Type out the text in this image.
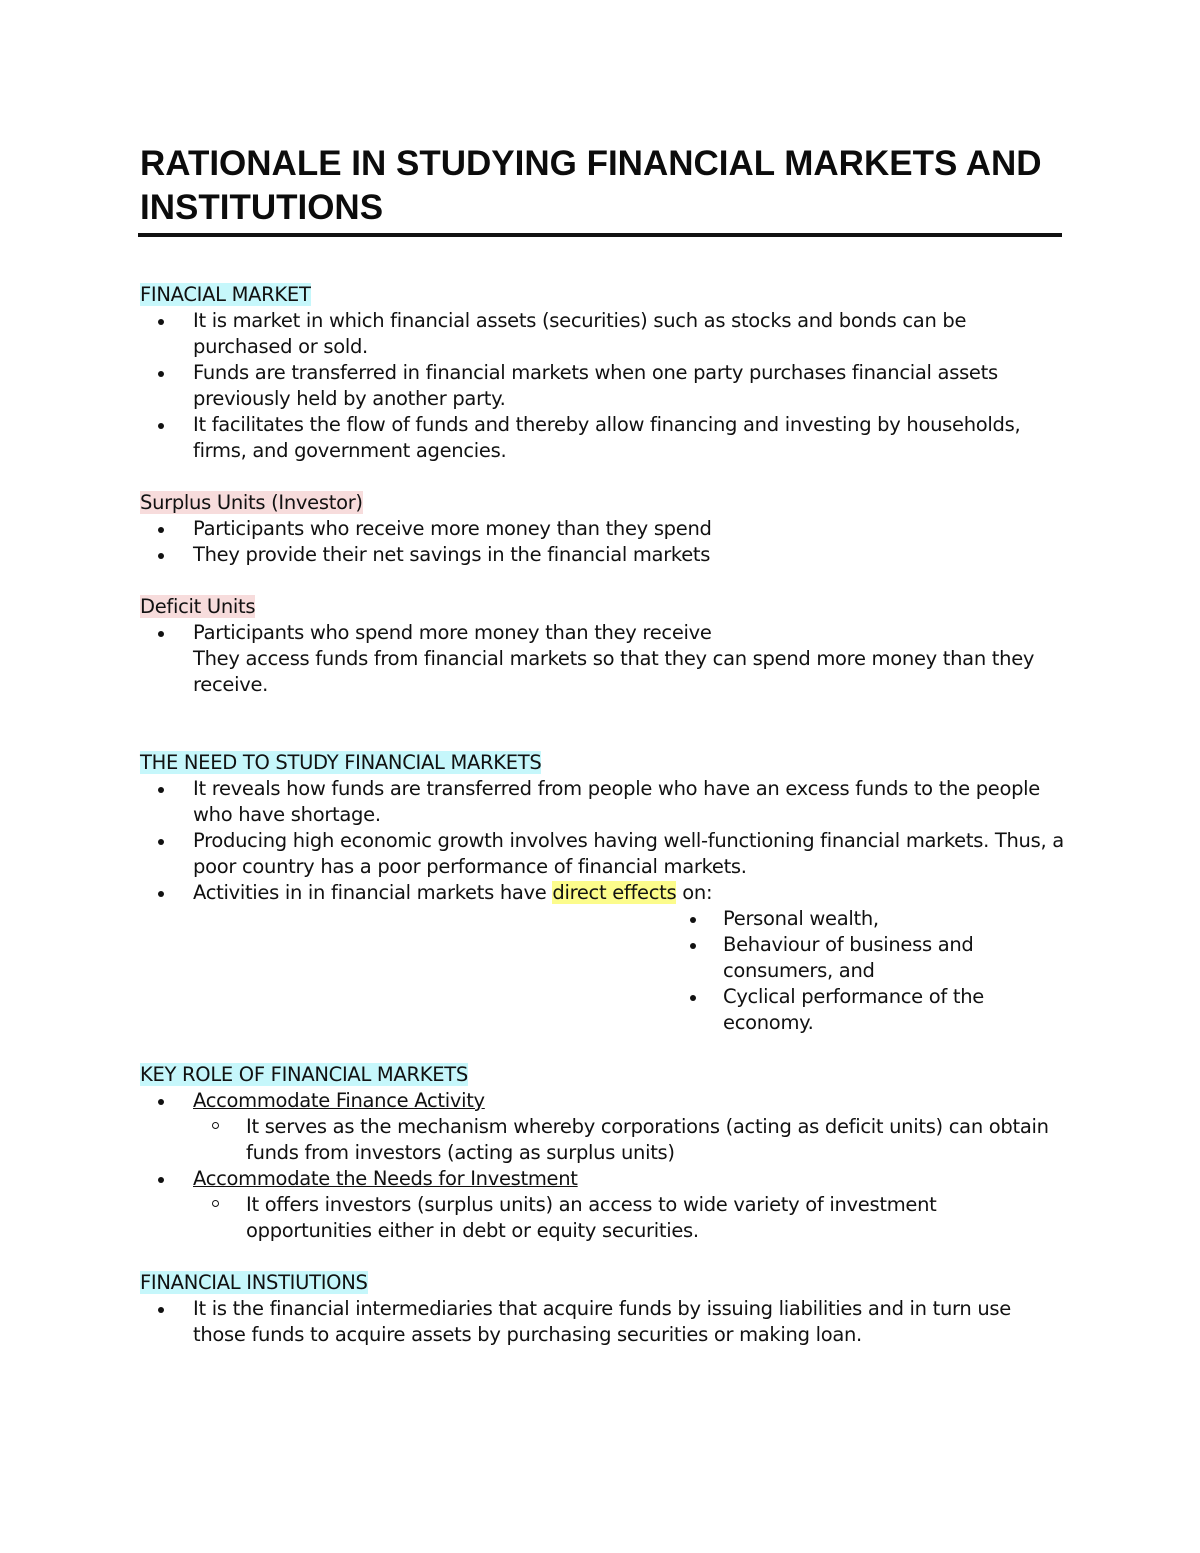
RATIONALE IN STUDYING FINANCIAL MARKETS AND INSTITUTIONS

FINACIAL MARKET

It is market in which financial assets (securities) such as stocks and bonds can be purchased or sold.
Funds are transferred in financial markets when one party purchases financial assets previously held by another party.
It facilitates the flow of funds and thereby allow financing and investing by households, firms, and government agencies.

Surplus Units (Investor)

Participants who receive more money than they spend
They provide their net savings in the financial markets

Deficit Units

Participants who spend more money than they receive
They access funds from financial markets so that they can spend more money than they receive.

THE NEED TO STUDY FINANCIAL MARKETS

It reveals how funds are transferred from people who have an excess funds to the people who have shortage.
Producing high economic growth involves having well-functioning financial markets. Thus, a poor country has a poor performance of financial markets.
Activities in in financial markets have direct effects on:
Personal wealth,
Behaviour of business and consumers, and
Cyclical performance of the economy.

KEY ROLE OF FINANCIAL MARKETS

Accommodate Finance Activity
It serves as the mechanism whereby corporations (acting as deficit units) can obtain funds from investors (acting as surplus units)
Accommodate the Needs for Investment
It offers investors (surplus units) an access to wide variety of investment opportunities either in debt or equity securities.

FINANCIAL INSTIUTIONS

It is the financial intermediaries that acquire funds by issuing liabilities and in turn use those funds to acquire assets by purchasing securities or making loan.
